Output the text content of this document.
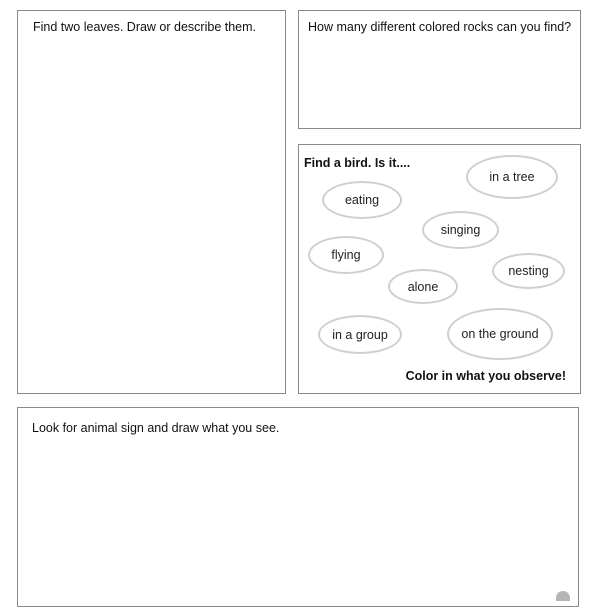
Find two leaves. Draw or describe them.	How many different colored rocks can you find?
Find a bird. Is it....
in a tree
eating
singing
flying
nesting
alone
in a group	on the ground
Color in what you observe!
Look for animal sign and draw what you see.
